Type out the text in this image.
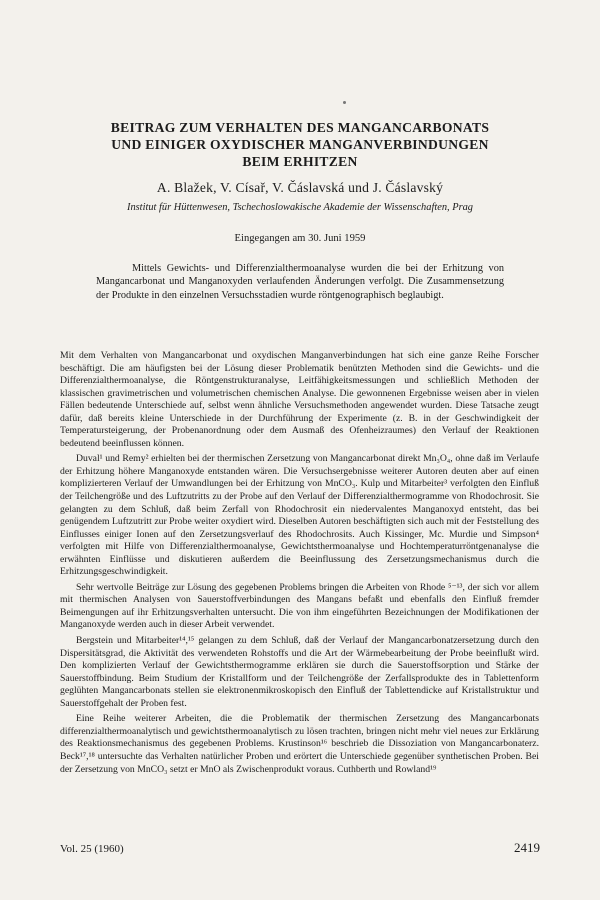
BEITRAG ZUM VERHALTEN DES MANGANCARBONATS
UND EINIGER OXYDISCHER MANGANVERBINDUNGEN
BEIM ERHITZEN
A. Blažek, V. Císař, V. Čáslavská und J. Čáslavský
Institut für Hüttenwesen, Tschechoslowakische Akademie der Wissenschaften, Prag
Eingegangen am 30. Juni 1959
Mittels Gewichts- und Differenzialthermoanalyse wurden die bei der Erhitzung von Mangancarbonat und Manganoxyden verlaufenden Änderungen verfolgt. Die Zusammensetzung der Produkte in den einzelnen Versuchsstadien wurde röntgenographisch beglaubigt.

Mit dem Verhalten von Mangancarbonat und oxydischen Manganverbindungen hat sich eine ganze Reihe Forscher beschäftigt. Die am häufigsten bei der Lösung dieser Problematik benützten Methoden sind die Gewichts- und die Differenzialthermoanalyse, die Röntgenstrukturanalyse, Leitfähigkeitsmessungen und schließlich Methoden der klassischen gravimetrischen und volumetrischen chemischen Analyse. Die gewonnenen Ergebnisse weisen aber in vielen Fällen bedeutende Unterschiede auf, selbst wenn ähnliche Versuchsmethoden angewendet wurden. Diese Tatsache zeugt dafür, daß bereits kleine Unterschiede in der Durchführung der Experimente (z. B. in der Geschwindigkeit der Temperatursteigerung, der Probenanordnung oder dem Ausmaß des Ofenheizraumes) den Verlauf der Reaktionen bedeutend beeinflussen können.

Duval¹ und Remy² erhielten bei der thermischen Zersetzung von Mangancarbonat direkt Mn₃O₄, ohne daß im Verlaufe der Erhitzung höhere Manganoxyde entstanden wären. Die Versuchsergebnisse weiterer Autoren deuten aber auf einen komplizierteren Verlauf der Umwandlungen bei der Erhitzung von MnCO₃. Kulp und Mitarbeiter³ verfolgten den Einfluß der Teilchengröße und des Luftzutritts zu der Probe auf den Verlauf der Differenzialthermogramme von Rhodochrosit. Sie gelangten zu dem Schluß, daß beim Zerfall von Rhodochrosit ein niedervalentes Manganoxyd entsteht, das bei genügendem Luftzutritt zur Probe weiter oxydiert wird. Dieselben Autoren beschäftigten sich auch mit der Feststellung des Einflusses einiger Ionen auf den Zersetzungsverlauf des Rhodochrosits. Auch Kissinger, Mc. Murdie und Simpson⁴ verfolgten mit Hilfe von Differenzialthermoanalyse, Gewichtsthermoanalyse und Hochtemperaturröntgenanalyse die erwähnten Einflüsse und diskutieren außerdem die Beeinflussung des Zersetzungsmechanismus durch die Erhitzungsgeschwindigkeit.

Sehr wertvolle Beiträge zur Lösung des gegebenen Problems bringen die Arbeiten von Rhode ⁵⁻¹³, der sich vor allem mit thermischen Analysen von Sauerstoffverbindungen des Mangans befaßt und ebenfalls den Einfluß fremder Beimengungen auf ihr Erhitzungsverhalten untersucht. Die von ihm eingeführten Bezeichnungen der Modifikationen der Manganoxyde werden auch in dieser Arbeit verwendet.

Bergstein und Mitarbeiter¹⁴,¹⁵ gelangen zu dem Schluß, daß der Verlauf der Mangancarbonatzersetzung durch den Dispersitätsgrad, die Aktivität des verwendeten Rohstoffs und die Art der Wärmebearbeitung der Probe beeinflußt wird. Den komplizierten Verlauf der Gewichtsthermogramme erklären sie durch die Sauerstoffsorption und Stärke der Sauerstoffbindung. Beim Studium der Kristallform und der Teilchengröße der Zerfallsprodukte des in Tablettenform geglühten Mangancarbonats stellen sie elektronenmikroskopisch den Einfluß der Tablettendicke auf Kristallstruktur und Sauerstoffgehalt der Proben fest.

Eine Reihe weiterer Arbeiten, die die Problematik der thermischen Zersetzung des Mangancarbonats differenzialthermoanalytisch und gewichtsthermoanalytisch zu lösen trachten, bringen nicht mehr viel neues zur Erklärung des Reaktionsmechanismus des gegebenen Problems. Krustinson¹⁶ beschrieb die Dissoziation von Mangancarbonaterz. Beck¹⁷,¹⁸ untersuchte das Verhalten natürlicher Proben und erörtert die Unterschiede gegenüber synthetischen Proben. Bei der Zersetzung von MnCO₃ setzt er MnO als Zwischenprodukt voraus. Cuthberth und Rowland¹⁹

Vol. 25 (1960)	2419
